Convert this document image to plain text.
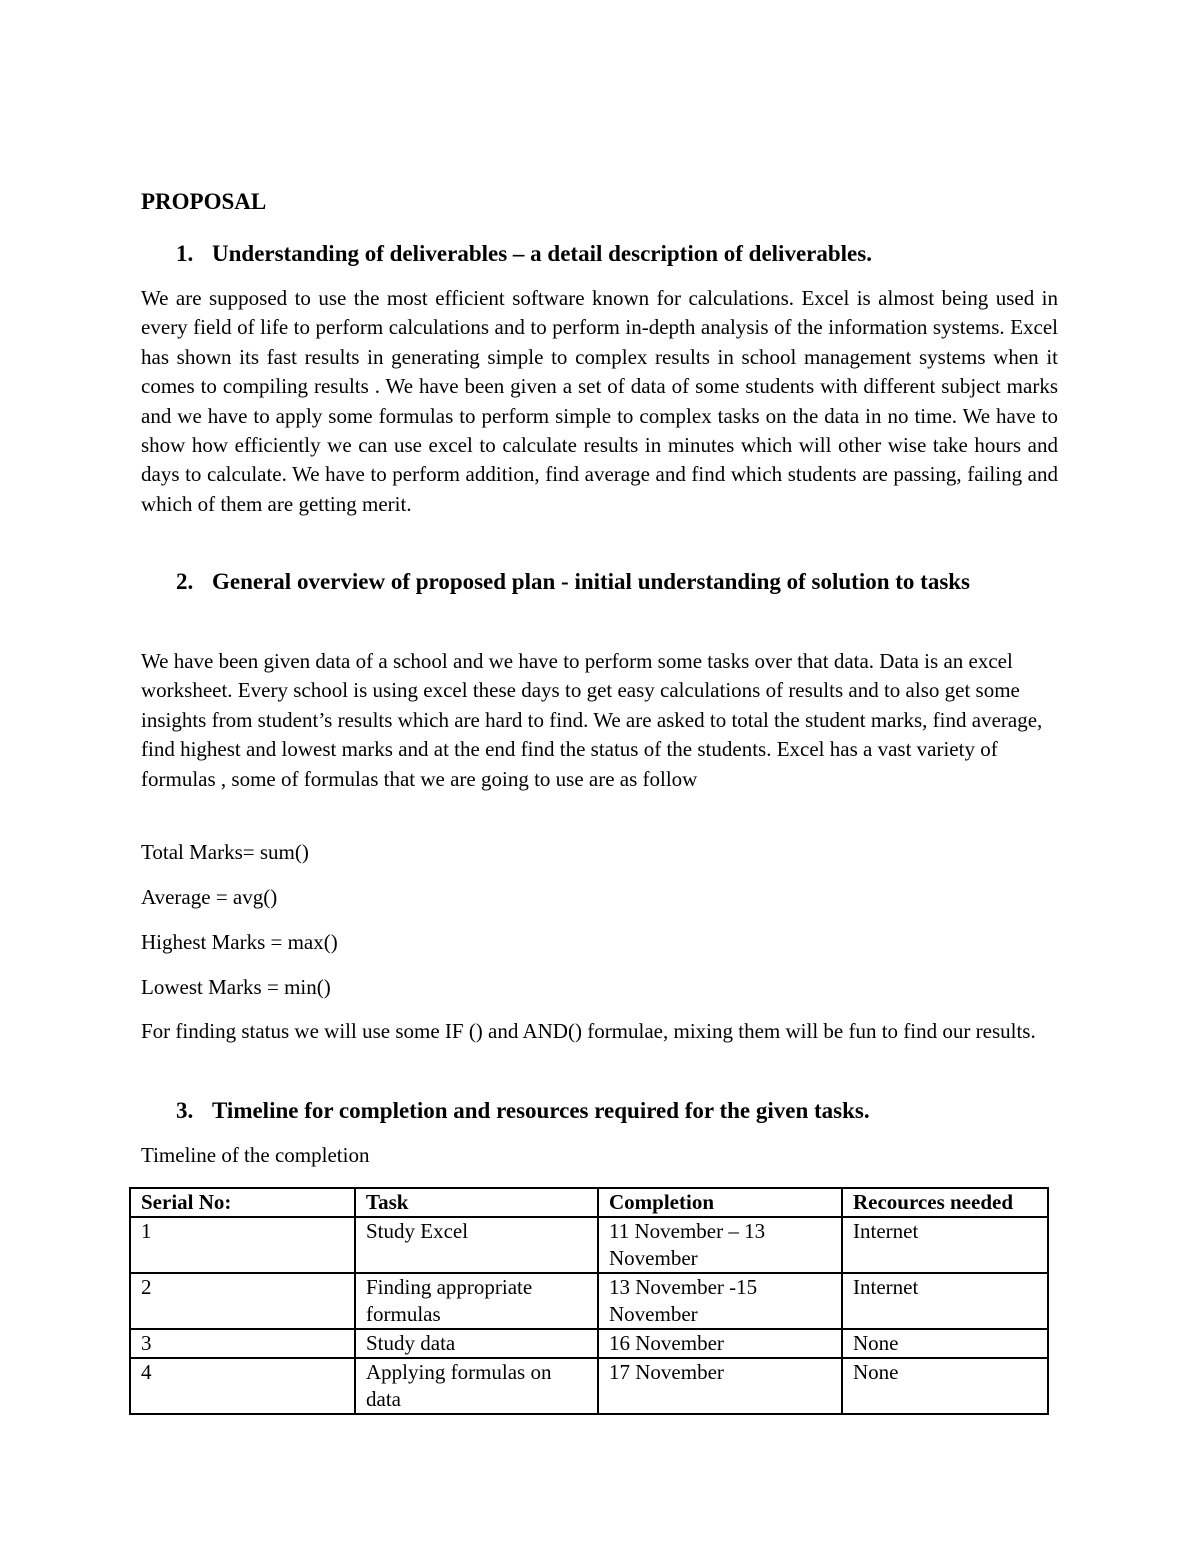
PROPOSAL
1. Understanding of deliverables – a detail description of deliverables.

We are supposed to use the most efficient software known for calculations. Excel is almost being used in every field of life to perform calculations and to perform in-depth analysis of the information systems. Excel has shown its fast results in generating simple to complex results in school management systems when it comes to compiling results . We have been given a set of data of some students with different subject marks and we have to apply some formulas to perform simple to complex tasks on the data in no time. We have to show how efficiently we can use excel to calculate results in minutes which will other wise take hours and days to calculate. We have to perform addition, find average and find which students are passing, failing and which of them are getting merit.

2. General overview of proposed plan - initial understanding of solution to tasks

We have been given data of a school and we have to perform some tasks over that data. Data is an excel worksheet. Every school is using excel these days to get easy calculations of results and to also get some insights from student’s results which are hard to find. We are asked to total the student marks, find average, find highest and lowest marks and at the end find the status of the students. Excel has a vast variety of formulas , some of formulas that we are going to use are as follow

Total Marks= sum()

Average = avg()

Highest Marks = max()

Lowest Marks = min()

For finding status we will use some IF () and AND() formulae, mixing them will be fun to find our results.

3. Timeline for completion and resources required for the given tasks.

Timeline of the completion

Serial No:	Task	Completion	Recources needed
1	Study Excel	11 November – 13 November	Internet
2	Finding appropriate formulas	13 November -15 November	Internet
3	Study data	16 November	None
4	Applying formulas on data	17 November	None
